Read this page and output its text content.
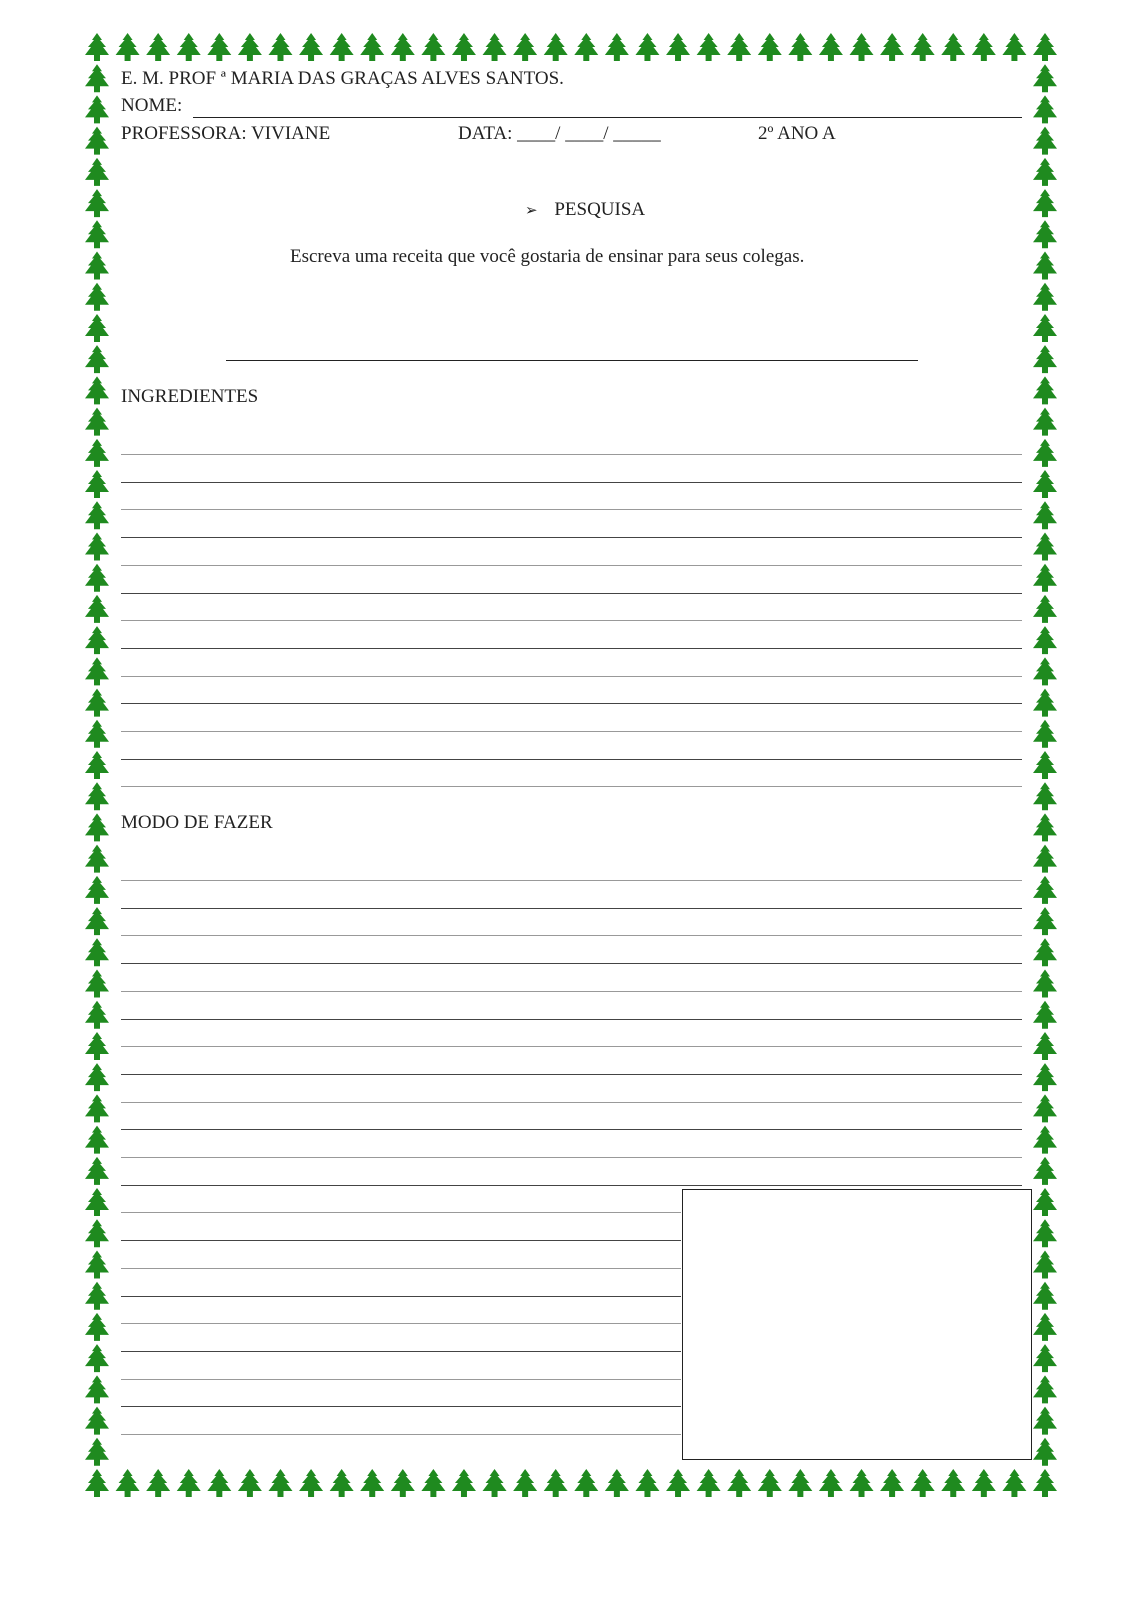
E. M. PROF ª MARIA DAS GRAÇAS ALVES SANTOS.
NOME:
PROFESSORA: VIVIANE	DATA: ____/ ____/ _____	2º ANO A
➢ PESQUISA
Escreva uma receita que você gostaria de ensinar para seus colegas.
INGREDIENTES
MODO DE FAZER
